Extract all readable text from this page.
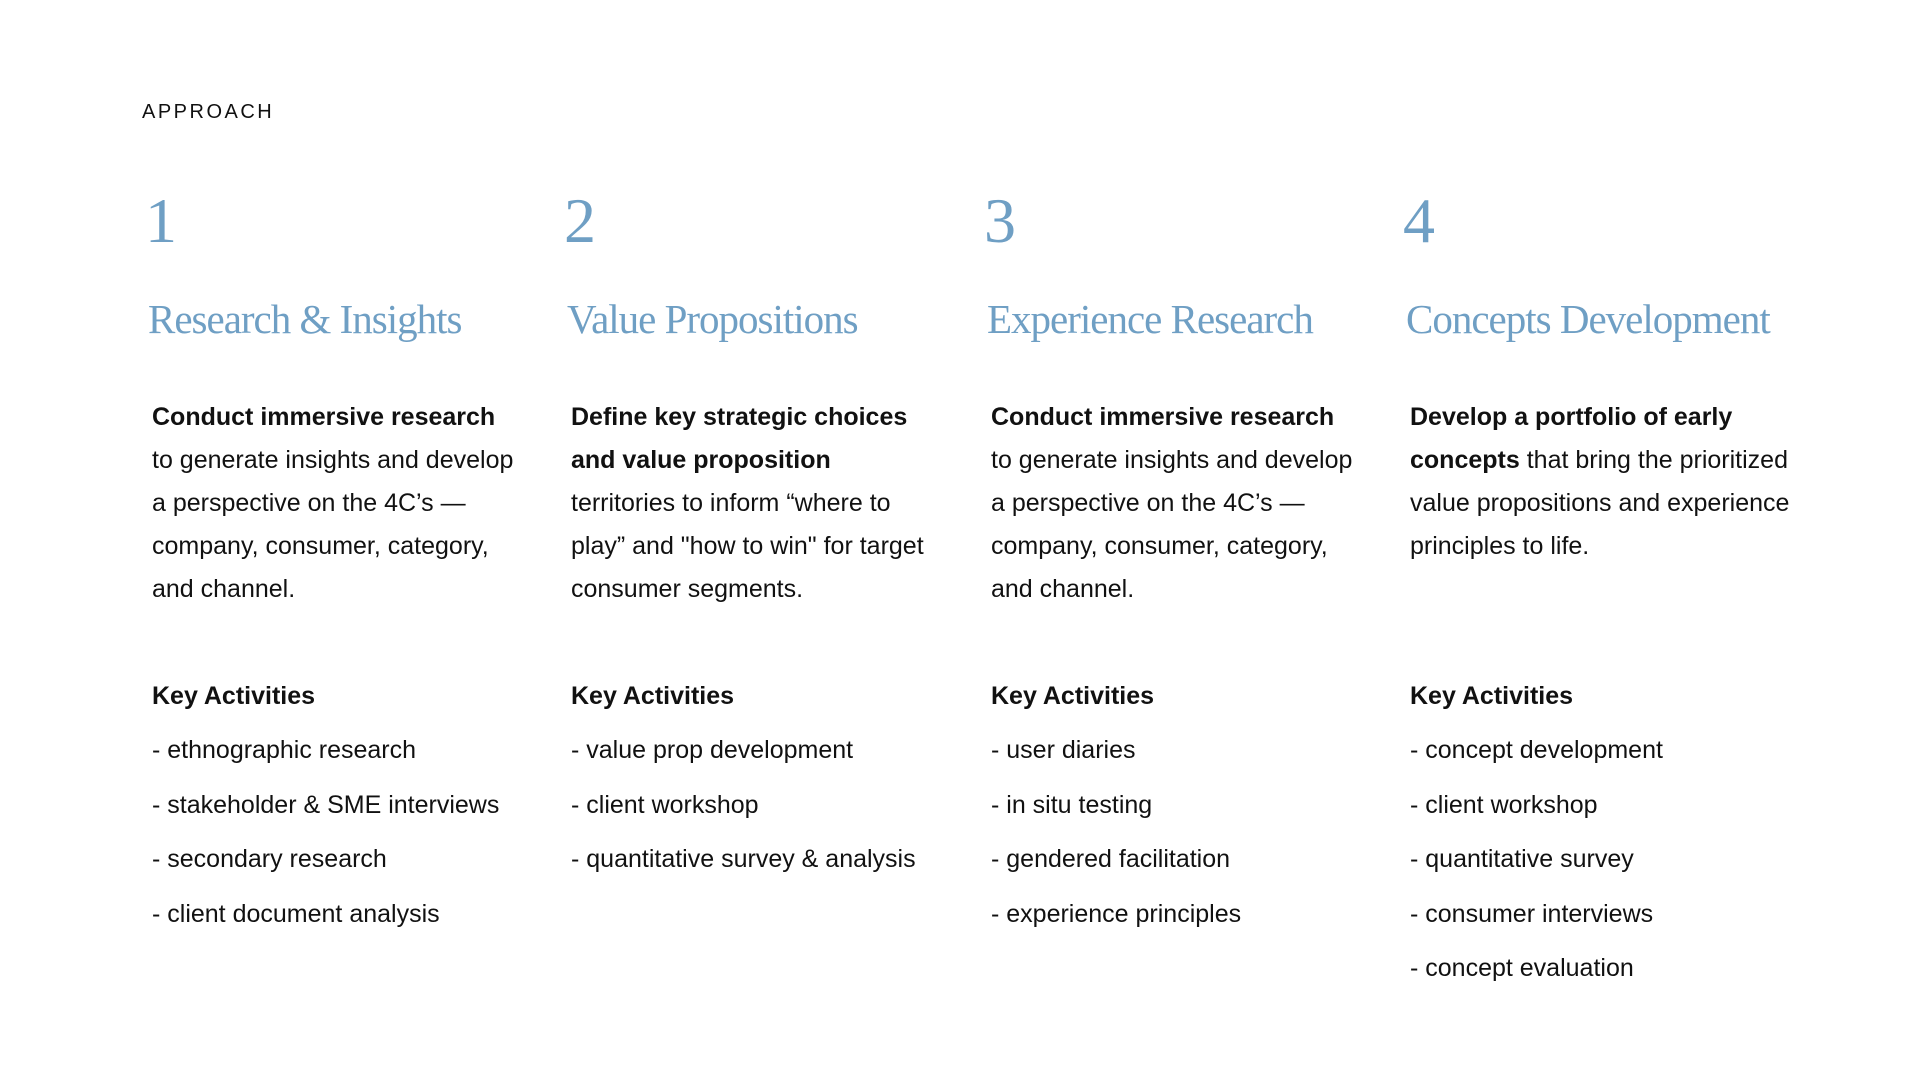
APPROACH
1
Research & Insights

Conduct immersive research
to generate insights and develop a perspective on the 4C’s — company, consumer, category, and channel.

Key Activities
- ethnographic research
- stakeholder & SME interviews
- secondary research
- client document analysis
2
Value Propositions

Define key strategic choices and value proposition
territories to inform “where to play” and "how to win" for target consumer segments.

Key Activities
- value prop development
- client workshop
- quantitative survey & analysis
3
Experience Research

Conduct immersive research
to generate insights and develop a perspective on the 4C’s — company, consumer, category, and channel.

Key Activities
- user diaries
- in situ testing
- gendered facilitation
- experience principles
4
Concepts Development

Develop a portfolio of early concepts that bring the prioritized value propositions and experience principles to life.

Key Activities
- concept development
- client workshop
- quantitative survey
- consumer interviews
- concept evaluation
